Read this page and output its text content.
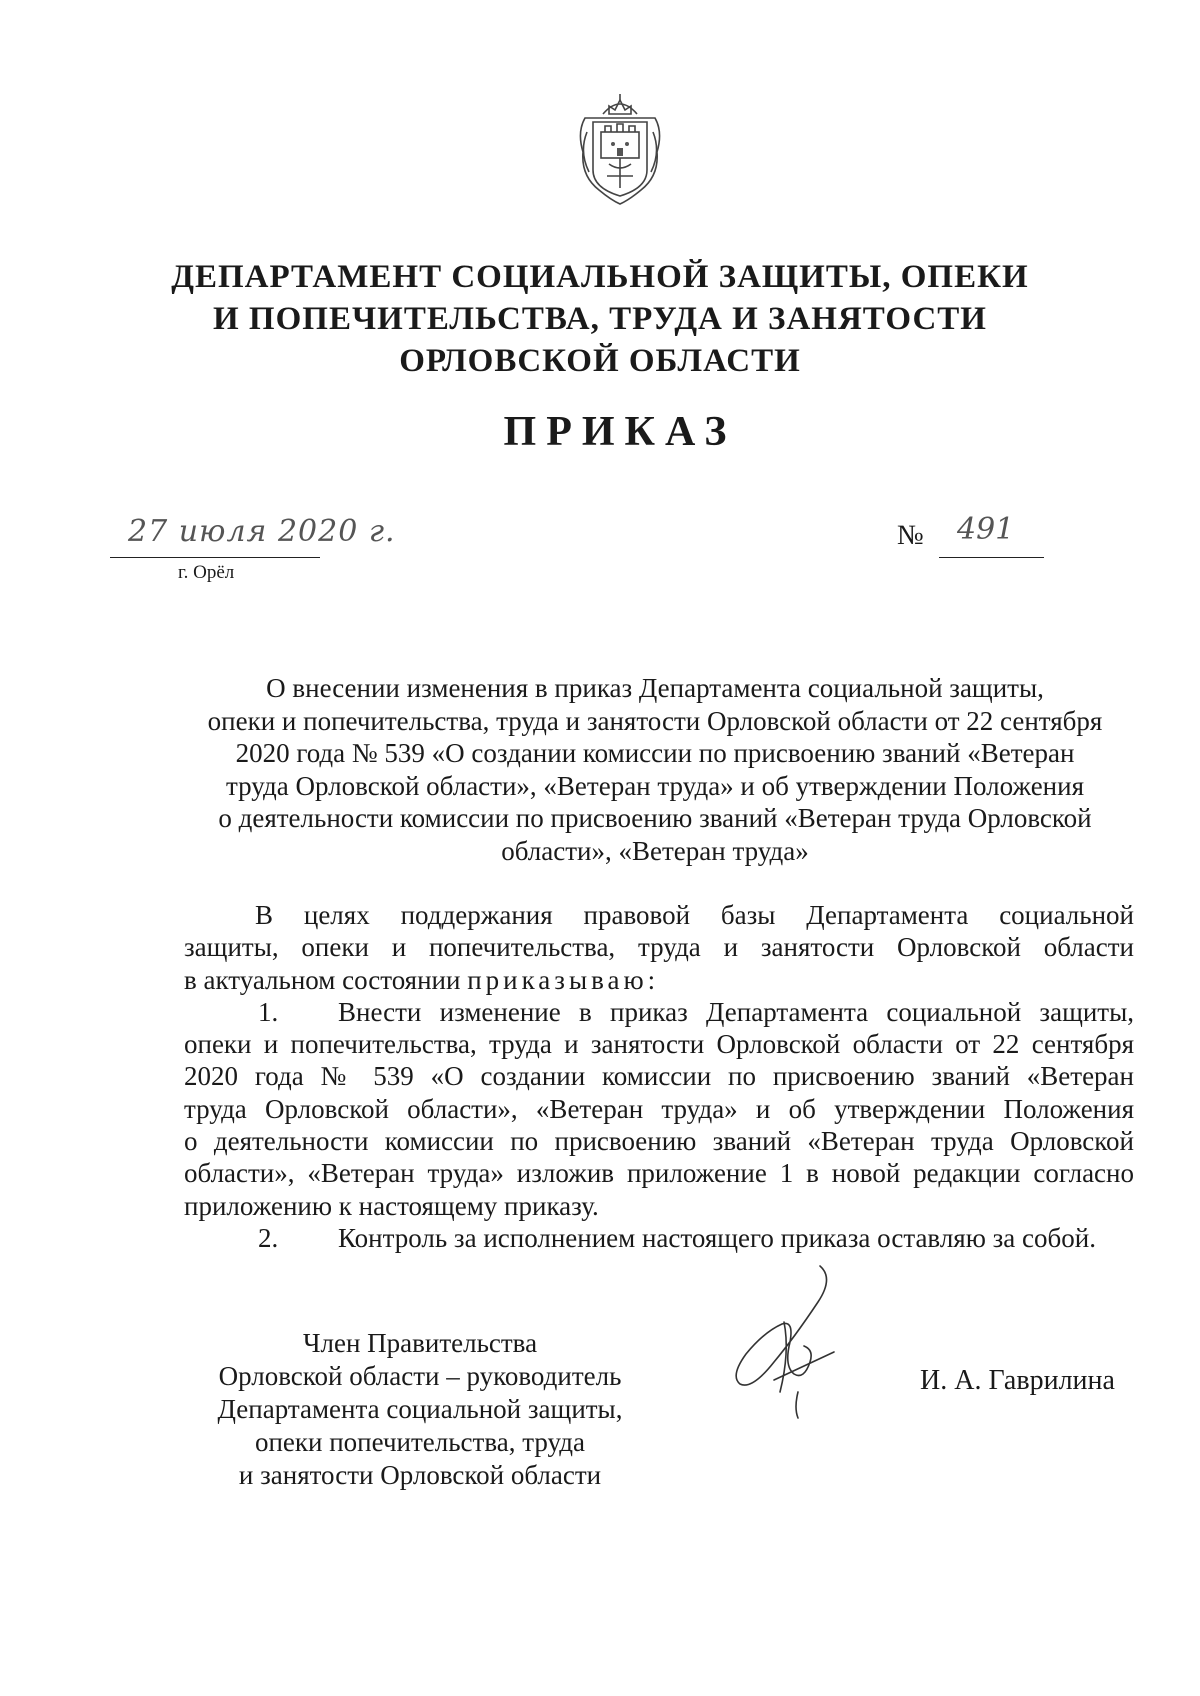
ДЕПАРТАМЕНТ СОЦИАЛЬНОЙ ЗАЩИТЫ, ОПЕКИ
И ПОПЕЧИТЕЛЬСТВА, ТРУДА И ЗАНЯТОСТИ
ОРЛОВСКОЙ ОБЛАСТИ
ПРИКАЗ
27 июля 2020 г.
г. Орёл
№ 491
О внесении изменения в приказ Департамента социальной защиты,
опеки и попечительства, труда и занятости Орловской области от 22 сентября
2020 года № 539 «О создании комиссии по присвоению званий «Ветеран
труда Орловской области», «Ветеран труда» и об утверждении Положения
о деятельности комиссии по присвоению званий «Ветеран труда Орловской
области», «Ветеран труда»
В целях поддержания правовой базы Департамента социальной
защиты, опеки и попечительства, труда и занятости Орловской области
в актуальном состоянии приказываю:
1. Внести изменение в приказ Департамента социальной защиты,
опеки и попечительства, труда и занятости Орловской области от 22 сентября
2020 года № 539 «О создании комиссии по присвоению званий «Ветеран
труда Орловской области», «Ветеран труда» и об утверждении Положения
о деятельности комиссии по присвоению званий «Ветеран труда Орловской
области», «Ветеран труда» изложив приложение 1 в новой редакции согласно
приложению к настоящему приказу.
2. Контроль за исполнением настоящего приказа оставляю за собой.
Член Правительства
Орловской области – руководитель
Департамента социальной защиты,
опеки попечительства, труда
и занятости Орловской области
И. А. Гаврилина
